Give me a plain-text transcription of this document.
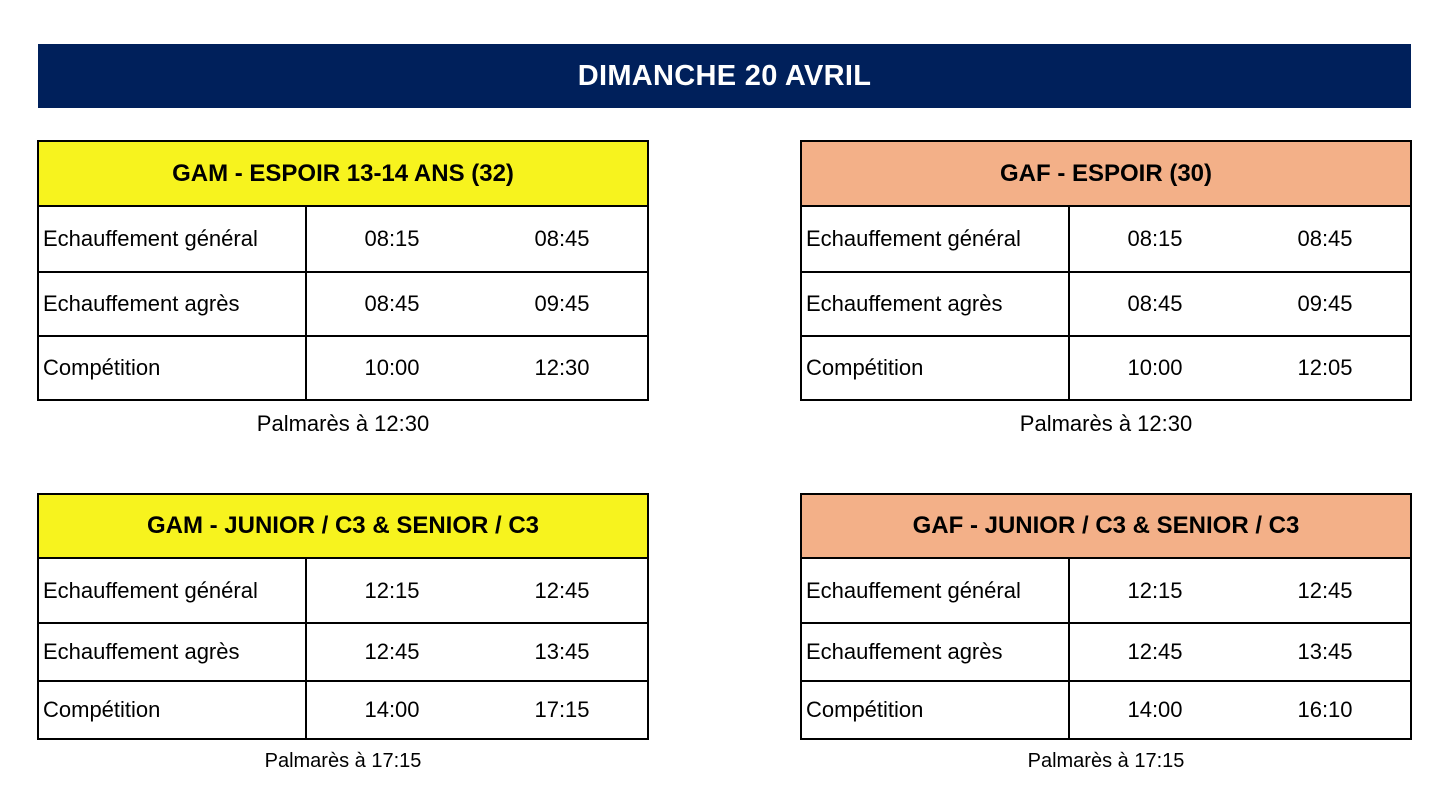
DIMANCHE 20 AVRIL
GAM - ESPOIR 13-14 ANS (32)
Echauffement général	08:15	08:45
Echauffement agrès	08:45	09:45
Compétition	10:00	12:30
Palmarès à 12:30
GAF - ESPOIR (30)
Echauffement général	08:15	08:45
Echauffement agrès	08:45	09:45
Compétition	10:00	12:05
Palmarès à 12:30
GAM - JUNIOR / C3 & SENIOR / C3
Echauffement général	12:15	12:45
Echauffement agrès	12:45	13:45
Compétition	14:00	17:15
Palmarès à 17:15
GAF - JUNIOR / C3 & SENIOR / C3
Echauffement général	12:15	12:45
Echauffement agrès	12:45	13:45
Compétition	14:00	16:10
Palmarès à 17:15
